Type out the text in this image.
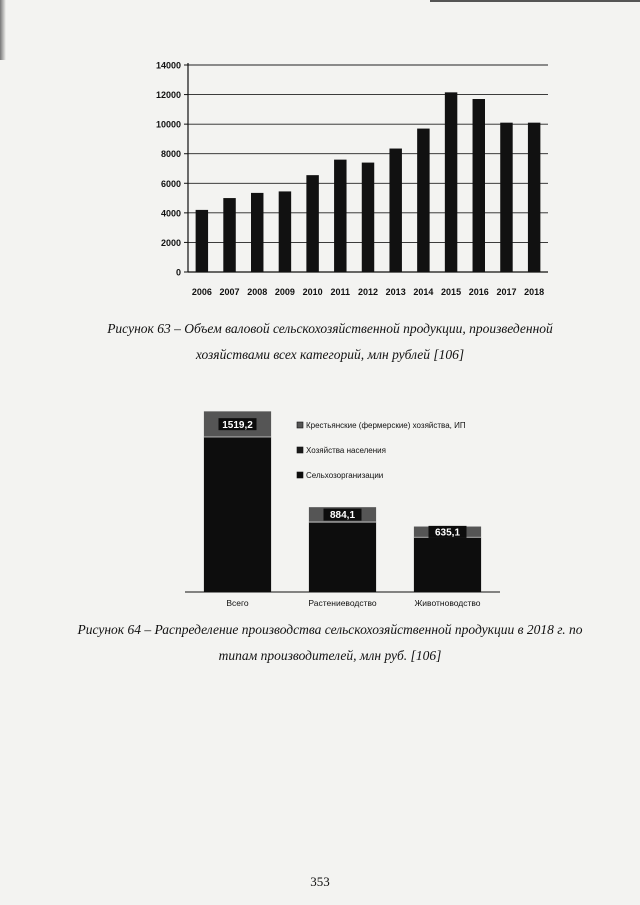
0
2000
4000
6000
8000
10000
12000
14000
2006 2007 2008 2009 2010 2011 2012 2013 2014 2015 2016 2017 2018
Рисунок 63 – Объем валовой сельскохозяйственной продукции, произведенной
хозяйствами всех категорий, млн рублей [106]
1519,2
Всего
884,1
Растениеводство
635,1
Животноводство
Крестьянские (фермерские) хозяйства, ИП
Хозяйства населения
Сельхозорганизации
Рисунок 64 – Распределение производства сельскохозяйственной продукции в 2018 г. по
типам производителей, млн руб. [106]
353
